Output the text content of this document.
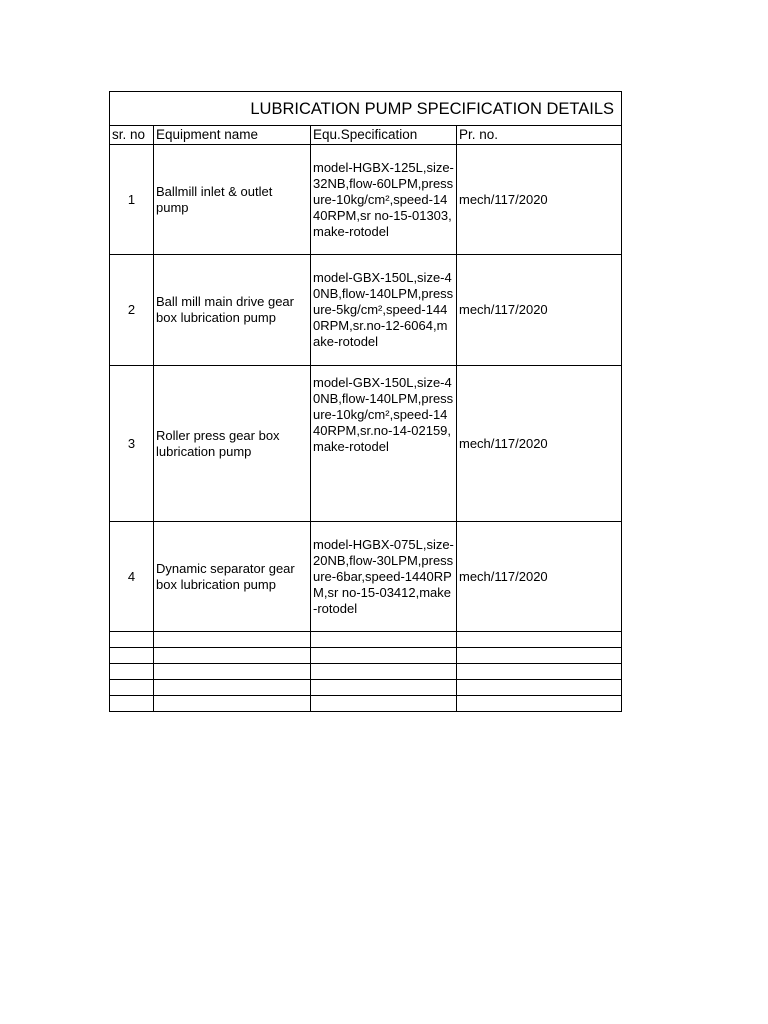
LUBRICATION PUMP SPECIFICATION DETAILS			
sr. no	Equipment name	Equ.Specification	Pr. no.
1	Ballmill inlet & outlet pump	model-HGBX-125L,size-32NB,flow-60LPM,pressure-10kg/cm²,speed-1440RPM,sr no-15-01303,make-rotodel	mech/117/2020
2	Ball mill main drive gear box lubrication pump	model-GBX-150L,size-40NB,flow-140LPM,pressure-5kg/cm²,speed-1440RPM,sr.no-12-6064,make-rotodel	mech/117/2020
3	Roller press gear box lubrication pump	model-GBX-150L,size-40NB,flow-140LPM,pressure-10kg/cm²,speed-1440RPM,sr.no-14-02159,make-rotodel	mech/117/2020
4	Dynamic separator gear box lubrication pump	model-HGBX-075L,size-20NB,flow-30LPM,pressure-6bar,speed-1440RPM,sr no-15-03412,make-rotodel	mech/117/2020
